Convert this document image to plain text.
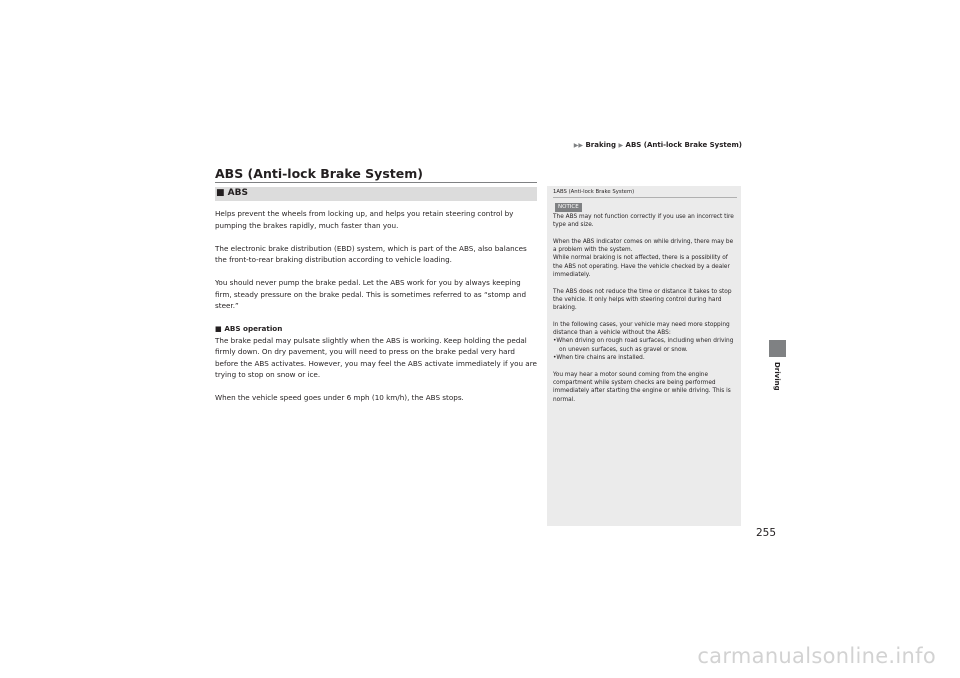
▶▶ Braking ▶ ABS (Anti-lock Brake System)
ABS (Anti-lock Brake System)
■ ABS

Helps prevent the wheels from locking up, and helps you retain steering control by pumping the brakes rapidly, much faster than you.

The electronic brake distribution (EBD) system, which is part of the ABS, also balances the front-to-rear braking distribution according to vehicle loading.

You should never pump the brake pedal. Let the ABS work for you by always keeping firm, steady pressure on the brake pedal. This is sometimes referred to as “stomp and steer.”

■ ABS operation

The brake pedal may pulsate slightly when the ABS is working. Keep holding the pedal firmly down. On dry pavement, you will need to press on the brake pedal very hard before the ABS activates. However, you may feel the ABS activate immediately if you are trying to stop on snow or ice.

When the vehicle speed goes under 6 mph (10 km/h), the ABS stops.

1ABS (Anti-lock Brake System)
NOTICE

The ABS may not function correctly if you use an incorrect tire type and size.

When the ABS indicator comes on while driving, there may be a problem with the system.
While normal braking is not affected, there is a possibility of the ABS not operating. Have the vehicle checked by a dealer immediately.

The ABS does not reduce the time or distance it takes to stop the vehicle. It only helps with steering control during hard braking.

In the following cases, your vehicle may need more stopping distance than a vehicle without the ABS:

•When driving on rough road surfaces, including when driving on uneven surfaces, such as gravel or snow.
•When tire chains are installed.

You may hear a motor sound coming from the engine compartment while system checks are being performed immediately after starting the engine or while driving. This is normal.

Driving
255
carmanualsonline.info
